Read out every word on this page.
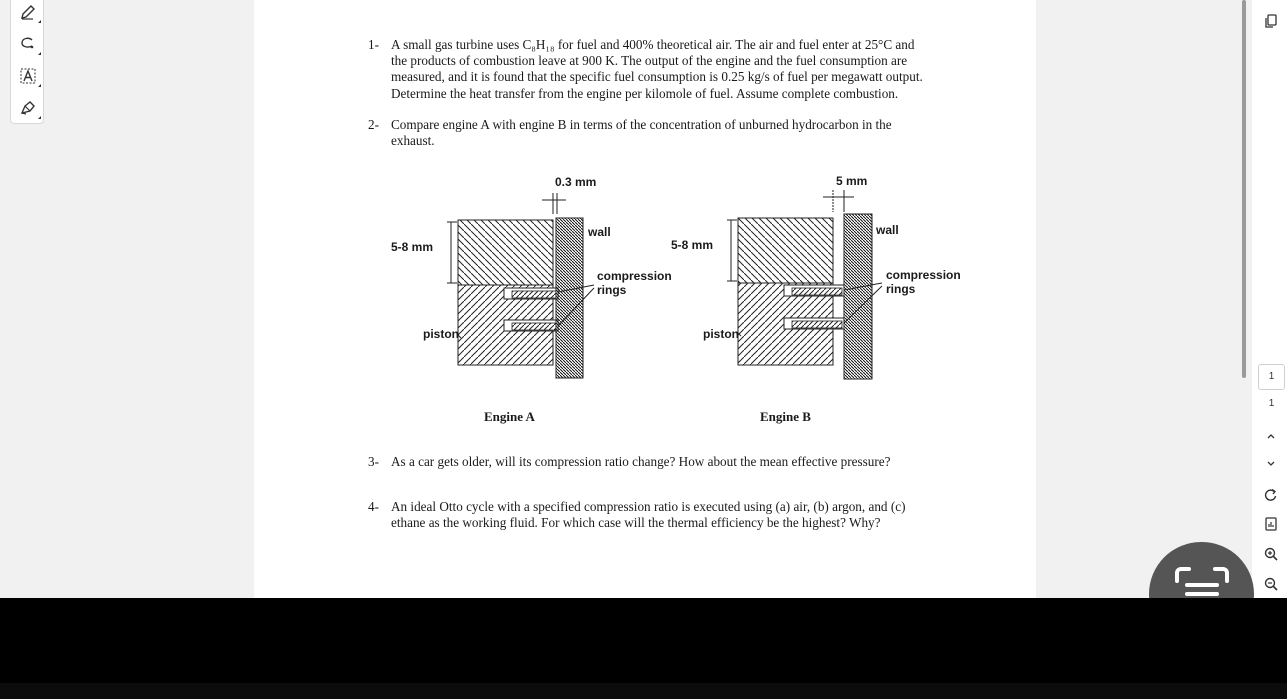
1- A small gas turbine uses C₈H₁₈ for fuel and 400% theoretical air. The air and fuel enter at 25°C and
the products of combustion leave at 900 K. The output of the engine and the fuel consumption are
measured, and it is found that the specific fuel consumption is 0.25 kg/s of fuel per megawatt output.
Determine the heat transfer from the engine per kilomole of fuel. Assume complete combustion.
2- Compare engine A with engine B in terms of the concentration of unburned hydrocarbon in the
exhaust.
0.3 mm
5-8 mm
wall
compression
rings
piston
Engine A
5 mm
5-8 mm
wall
compression
rings
piston
Engine B
3- As a car gets older, will its compression ratio change? How about the mean effective pressure?
4- An ideal Otto cycle with a specified compression ratio is executed using (a) air, (b) argon, and (c)
ethane as the working fluid. For which case will the thermal efficiency be the highest? Why?
1
1
